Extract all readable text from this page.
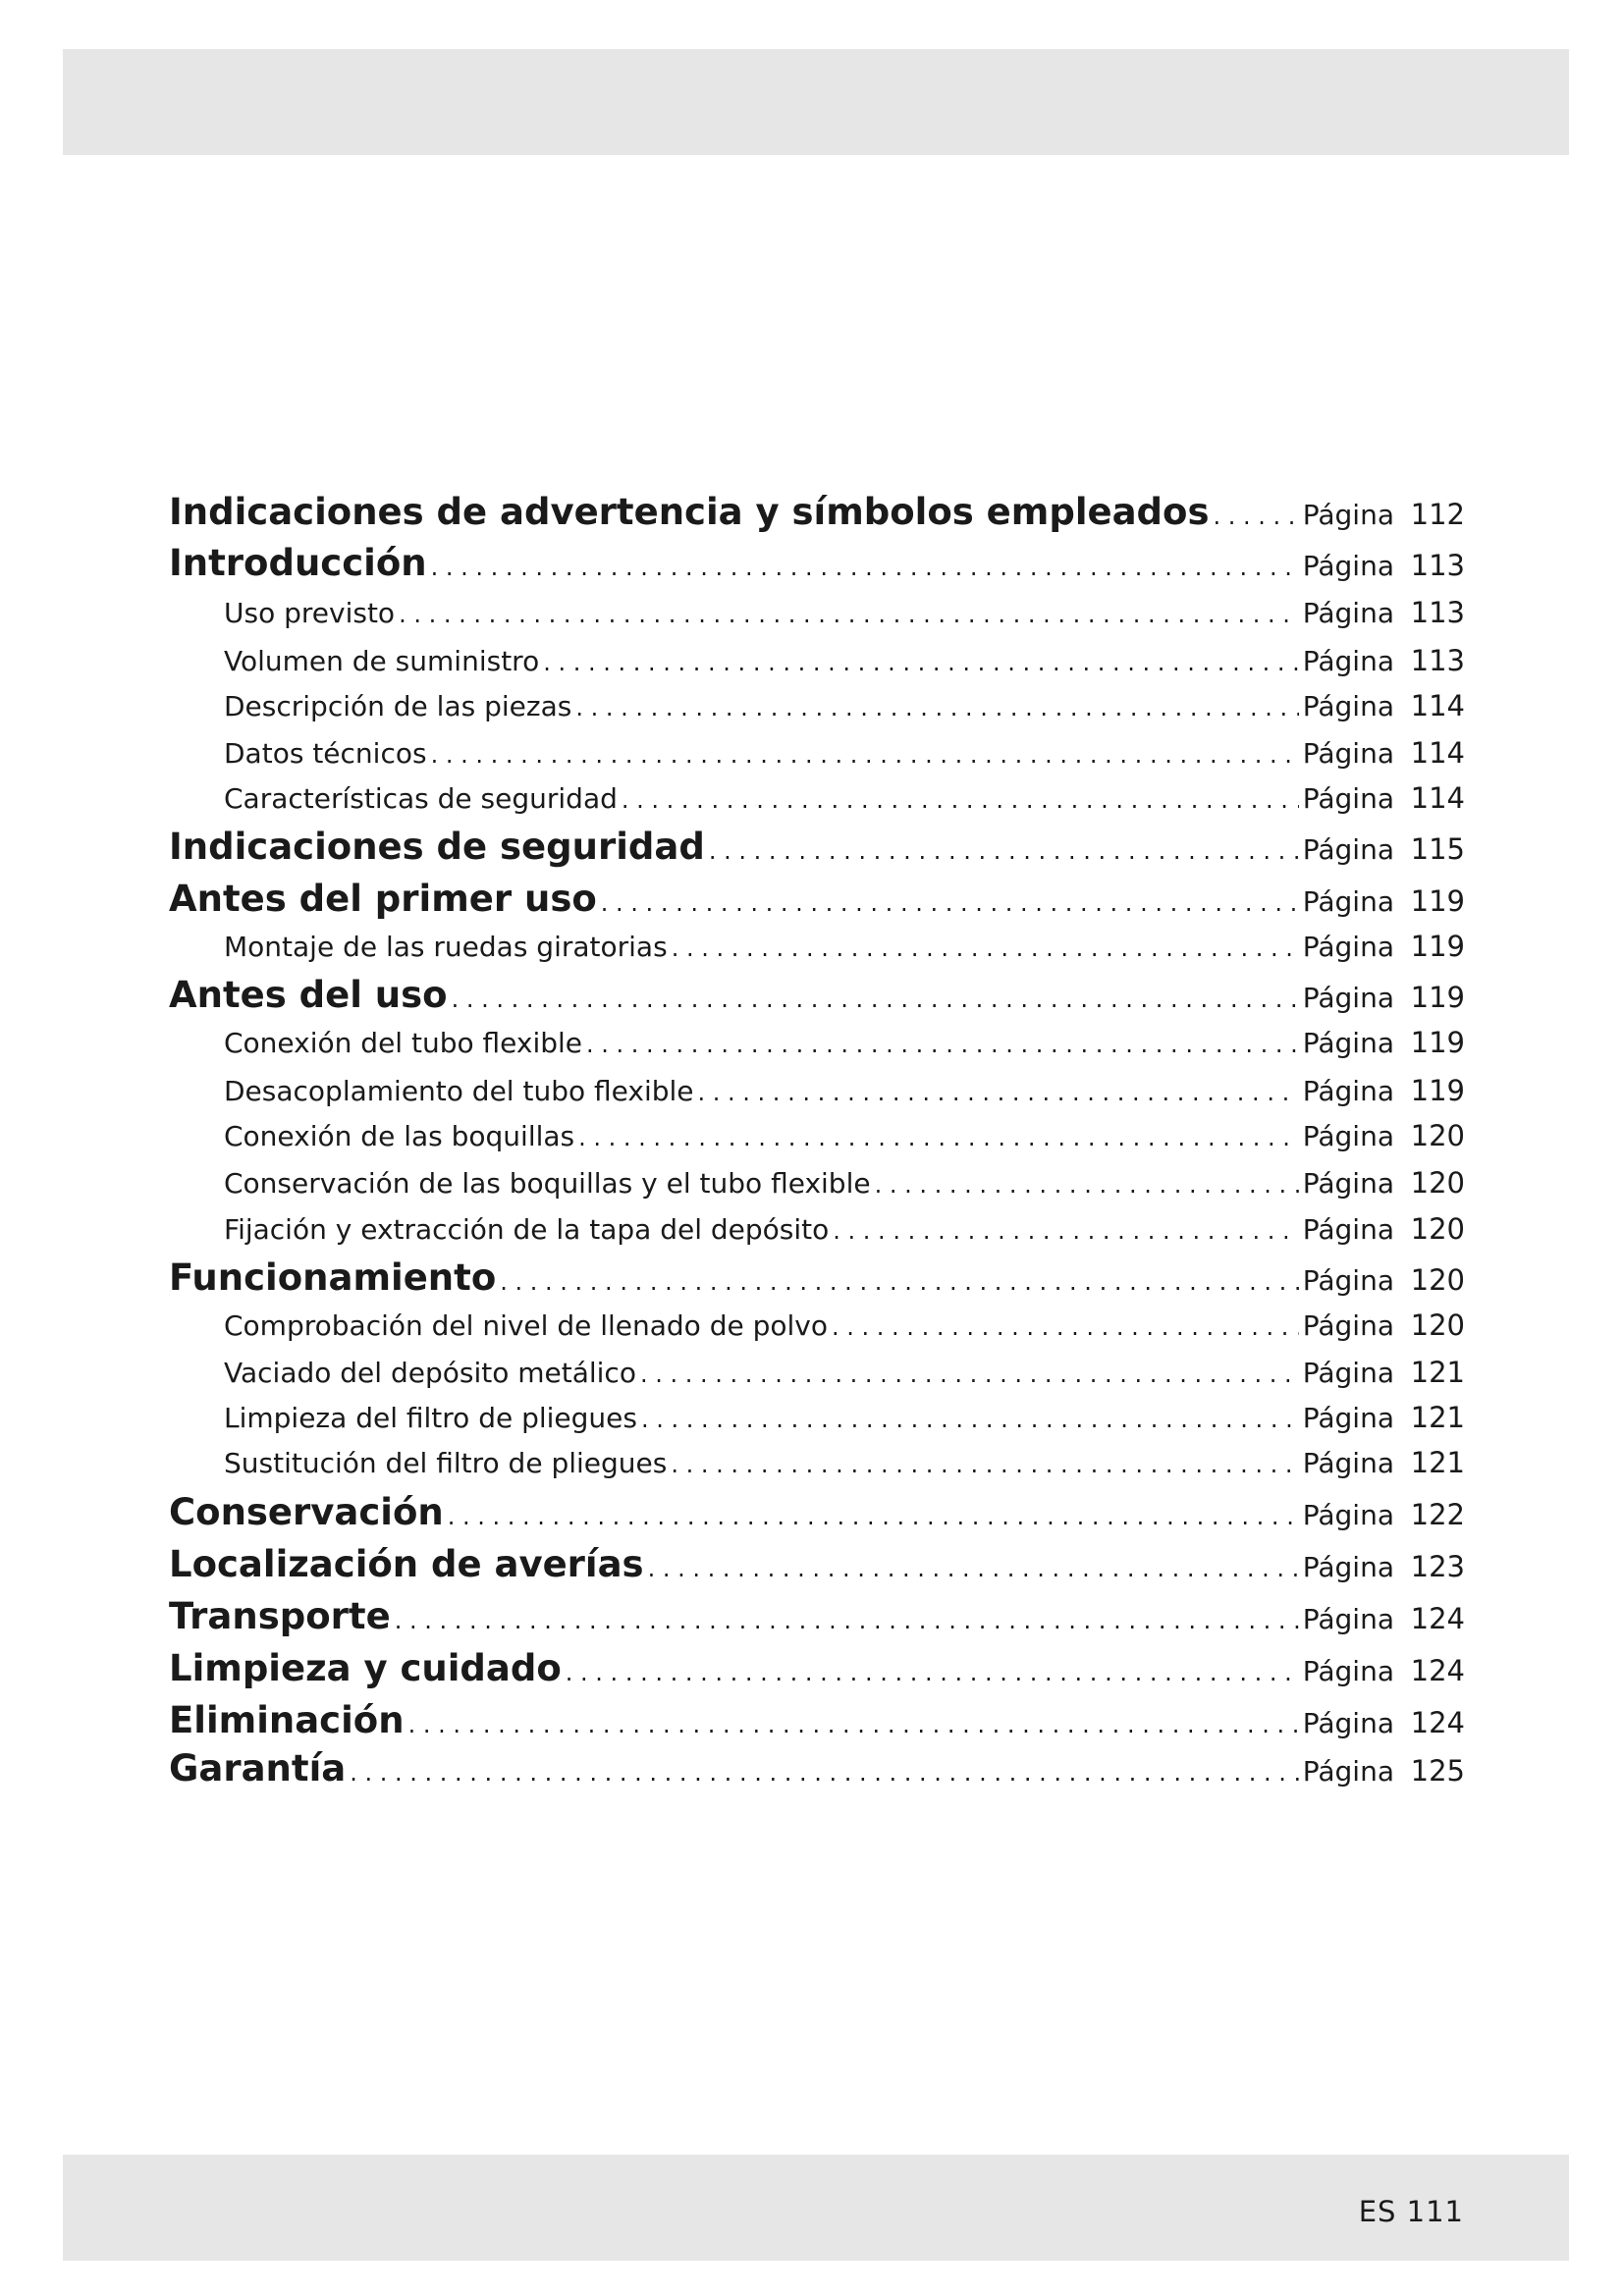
Indicaciones de advertencia y símbolos empleados . . .	Página 112
Introducción . . .	Página 113
Uso previsto . . .	Página 113
Volumen de suministro . . .	Página 113
Descripción de las piezas . . .	Página 114
Datos técnicos . . .	Página 114
Características de seguridad . . .	Página 114
Indicaciones de seguridad . . .	Página 115
Antes del primer uso . . .	Página 119
Montaje de las ruedas giratorias . . .	Página 119
Antes del uso . . .	Página 119
Conexión del tubo flexible . . .	Página 119
Desacoplamiento del tubo flexible . . .	Página 119
Conexión de las boquillas . . .	Página 120
Conservación de las boquillas y el tubo flexible . . .	Página 120
Fijación y extracción de la tapa del depósito . . .	Página 120
Funcionamiento . . .	Página 120
Comprobación del nivel de llenado de polvo . . .	Página 120
Vaciado del depósito metálico . . .	Página 121
Limpieza del filtro de pliegues . . .	Página 121
Sustitución del filtro de pliegues . . .	Página 121
Conservación . . .	Página 122
Localización de averías . . .	Página 123
Transporte . . .	Página 124
Limpieza y cuidado . . .	Página 124
Eliminación . . .	Página 124
Garantía . . .	Página 125
ES 111
